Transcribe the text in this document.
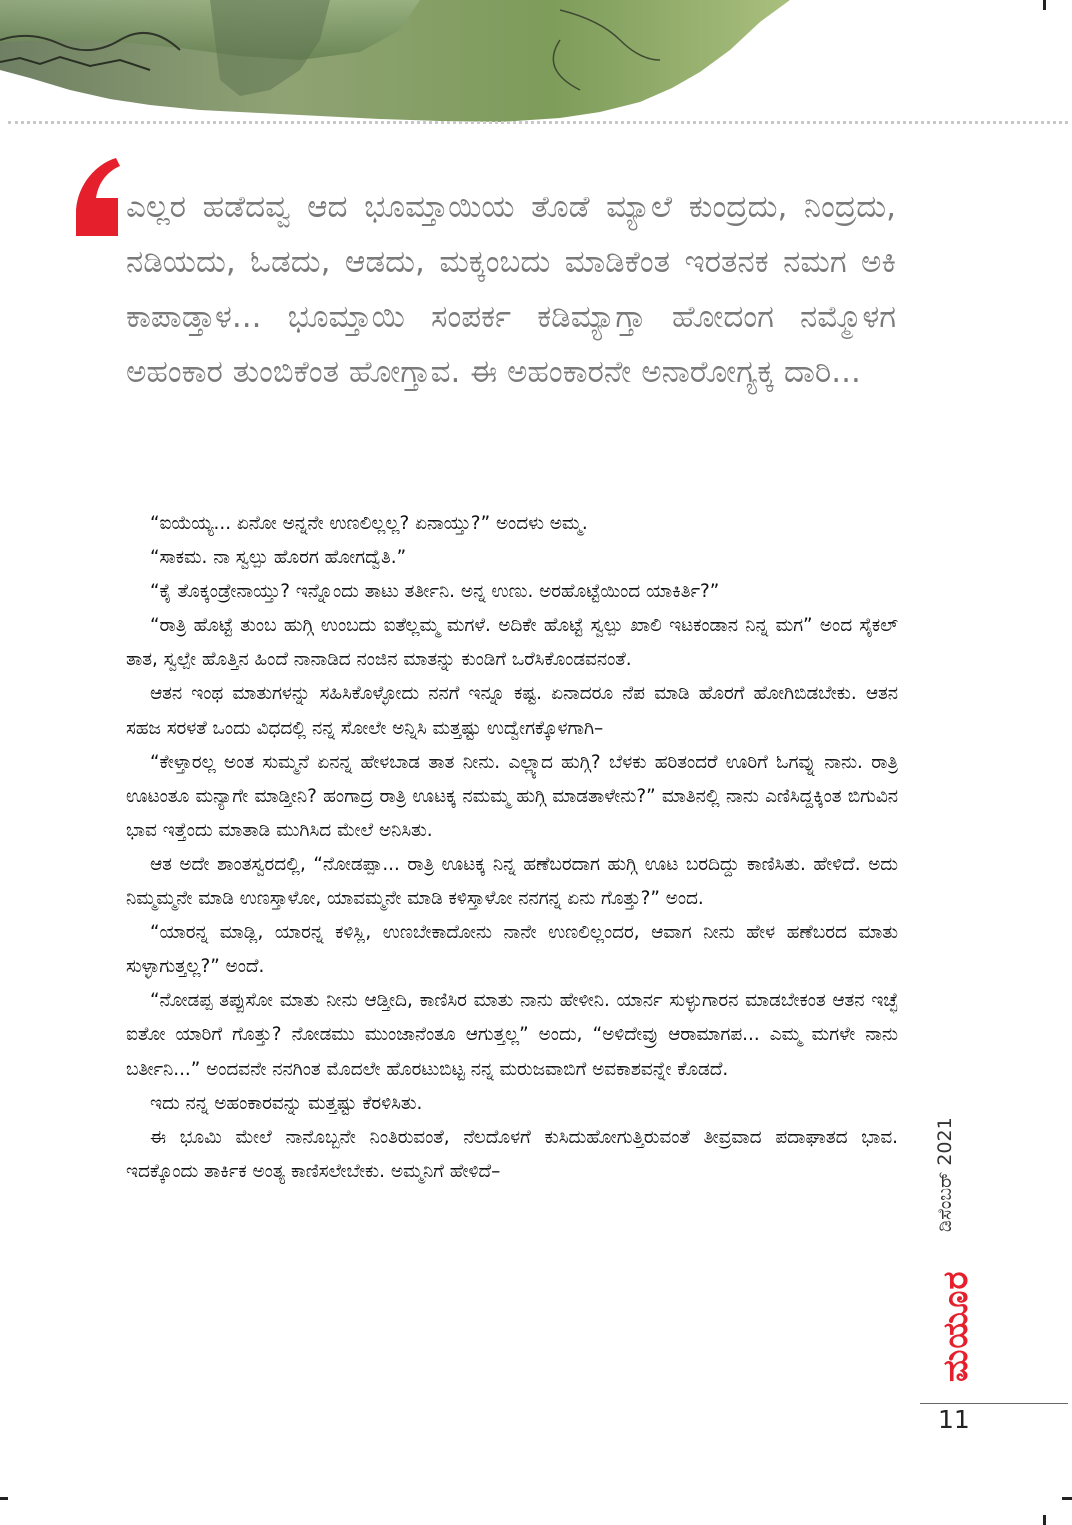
ಎಲ್ಲರ ಹಡೆದವ್ವ ಆದ ಭೂಮ್ತಾಯಿಯ ತೊಡೆ ಮ್ಯಾಲೆ ಕುಂದ್ರದು, ನಿಂದ್ರದು, ನಡಿಯದು, ಓಡದು, ಆಡದು, ಮಕ್ಕಂಬದು ಮಾಡಿಕೆಂತ ಇರತನಕ ನಮಗ ಅಕಿ ಕಾಪಾಡ್ತಾಳ... ಭೂಮ್ತಾಯಿ ಸಂಪರ್ಕ ಕಡಿಮ್ಯಾಗ್ತಾ ಹೋದಂಗ ನಮ್ಮೊಳಗ ಅಹಂಕಾರ ತುಂಬಿಕೆಂತ ಹೋಗ್ತಾವ. ಈ ಅಹಂಕಾರನೇ ಅನಾರೋಗ್ಯಕ್ಕ ದಾರಿ...

“ಐಯೆಯ್ಯ... ಏನೋ ಅನ್ನನೇ ಉಣಲಿಲ್ಲಲ್ಲ? ಏನಾಯ್ತು?” ಅಂದಳು ಅಮ್ಮ.

“ಸಾಕಮ. ನಾ ಸ್ವಲ್ಪು ಹೊರಗ ಹೋಗದ್ವೆತಿ.”

“ಕೈ ತೊಕ್ಕಂಡ್ರೇನಾಯ್ತು? ಇನ್ನೊಂದು ತಾಟು ತರ್ತೀನಿ. ಅನ್ನ ಉಣು. ಅರಹೊಟ್ಟೆಯಿಂದ ಯಾಕಿರ್ತಿ?”

“ರಾತ್ರಿ ಹೊಟ್ಟೆ ತುಂಬ ಹುಗ್ಗಿ ಉಂಬದು ಐತೆಲ್ಲಮ್ಮ ಮಗಳೆ. ಅದಿಕೇ ಹೊಟ್ಟೆ ಸ್ವಲ್ಪು ಖಾಲಿ ಇಟಕಂಡಾನ ನಿನ್ನ ಮಗ” ಅಂದ ಸೈಕಲ್ ತಾತ, ಸ್ವಲ್ಪೇ ಹೊತ್ತಿನ ಹಿಂದೆ ನಾನಾಡಿದ ನಂಜಿನ ಮಾತನ್ನು ಕುಂಡಿಗೆ ಒರೆಸಿಕೊಂಡವನಂತೆ.

ಆತನ ಇಂಥ ಮಾತುಗಳನ್ನು ಸಹಿಸಿಕೊಳ್ಳೋದು ನನಗೆ ಇನ್ನೂ ಕಷ್ಟ. ಏನಾದರೂ ನೆಪ ಮಾಡಿ ಹೊರಗೆ ಹೋಗಿಬಿಡಬೇಕು. ಆತನ ಸಹಜ ಸರಳತೆ ಒಂದು ವಿಧದಲ್ಲಿ ನನ್ನ ಸೋಲೇ ಅನ್ನಿಸಿ ಮತ್ತಷ್ಟು ಉದ್ವೇಗಕ್ಕೊಳಗಾಗಿ–

“ಕೇಳ್ತಾರಲ್ಲ ಅಂತ ಸುಮ್ಮನೆ ಏನನ್ನ ಹೇಳಬಾಡ ತಾತ ನೀನು. ಎಲ್ಲ್ಯಾದ ಹುಗ್ಗಿ? ಬೆಳಕು ಹರಿತಂದರೆ ಊರಿಗೆ ಓಗವ್ನು ನಾನು. ರಾತ್ರಿ ಊಟಂತೂ ಮನ್ಯಾಗೇ ಮಾಡ್ತೀನಿ? ಹಂಗಾದ್ರ ರಾತ್ರಿ ಊಟಕ್ಕ ನಮಮ್ಮ ಹುಗ್ಗಿ ಮಾಡತಾಳೇನು?” ಮಾತಿನಲ್ಲಿ ನಾನು ಎಣಿಸಿದ್ದಕ್ಕಿಂತ ಬಿಗುವಿನ ಭಾವ ಇತ್ತೆಂದು ಮಾತಾಡಿ ಮುಗಿಸಿದ ಮೇಲೆ ಅನಿಸಿತು.

ಆತ ಅದೇ ಶಾಂತಸ್ವರದಲ್ಲಿ, “ನೋಡಪ್ಪಾ... ರಾತ್ರಿ ಊಟಕ್ಕ ನಿನ್ನ ಹಣೆಬರದಾಗ ಹುಗ್ಗಿ ಊಟ ಬರದಿದ್ದು ಕಾಣಿಸಿತು. ಹೇಳಿದೆ. ಅದು ನಿಮ್ಮಮ್ಮನೇ ಮಾಡಿ ಉಣಸ್ತಾಳೋ, ಯಾವಮ್ಮನೇ ಮಾಡಿ ಕಳಿಸ್ತಾಳೋ ನನಗನ್ನ ಏನು ಗೊತ್ತು?” ಅಂದ.

“ಯಾರನ್ನ ಮಾಡ್ಲಿ, ಯಾರನ್ನ ಕಳಿಸ್ಲಿ, ಉಣಬೇಕಾದೋನು ನಾನೇ ಉಣಲಿಲ್ಲಂದರ, ಆವಾಗ ನೀನು ಹೇಳ ಹಣೆಬರದ ಮಾತು ಸುಳ್ಳಾಗುತ್ತಲ್ಲ?” ಅಂದೆ.

“ನೋಡಪ್ಪ ತಪ್ಪುಸೋ ಮಾತು ನೀನು ಆಡ್ತೀದಿ, ಕಾಣಿಸಿರ ಮಾತು ನಾನು ಹೇಳೀನಿ. ಯಾರ್ನ ಸುಳ್ಳುಗಾರನ ಮಾಡಬೇಕಂತ ಆತನ ಇಚ್ಛೆ ಐತೋ ಯಾರಿಗೆ ಗೊತ್ತು? ನೋಡಮು ಮುಂಜಾನೆಂತೂ ಆಗುತ್ತಲ್ಲ” ಅಂದು, “ಅಳಿದೇವ್ರು ಆರಾಮಾಗಪ... ಎಮ್ಮ ಮಗಳೇ ನಾನು ಬರ್ತೀನಿ...” ಅಂದವನೇ ನನಗಿಂತ ಮೊದಲೇ ಹೊರಟುಬಿಟ್ಟ ನನ್ನ ಮರುಜವಾಬಿಗೆ ಅವಕಾಶವನ್ನೇ ಕೊಡದೆ.

ಇದು ನನ್ನ ಅಹಂಕಾರವನ್ನು ಮತ್ತಷ್ಟು ಕೆರಳಿಸಿತು.

ಈ ಭೂಮಿ ಮೇಲೆ ನಾನೊಬ್ಬನೇ ನಿಂತಿರುವಂತೆ, ನೆಲದೊಳಗೆ ಕುಸಿದುಹೋಗುತ್ತಿರುವಂತೆ ತೀವ್ರವಾದ ಪದಾಘಾತದ ಭಾವ. ಇದಕ್ಕೊಂದು ತಾರ್ಕಿಕ ಅಂತ್ಯ ಕಾಣಿಸಲೇಬೇಕು. ಅಮ್ಮನಿಗೆ ಹೇಳಿದೆ–	ಡಿಸೆಂಬರ್ 2021
ಮಯೂರ
11
